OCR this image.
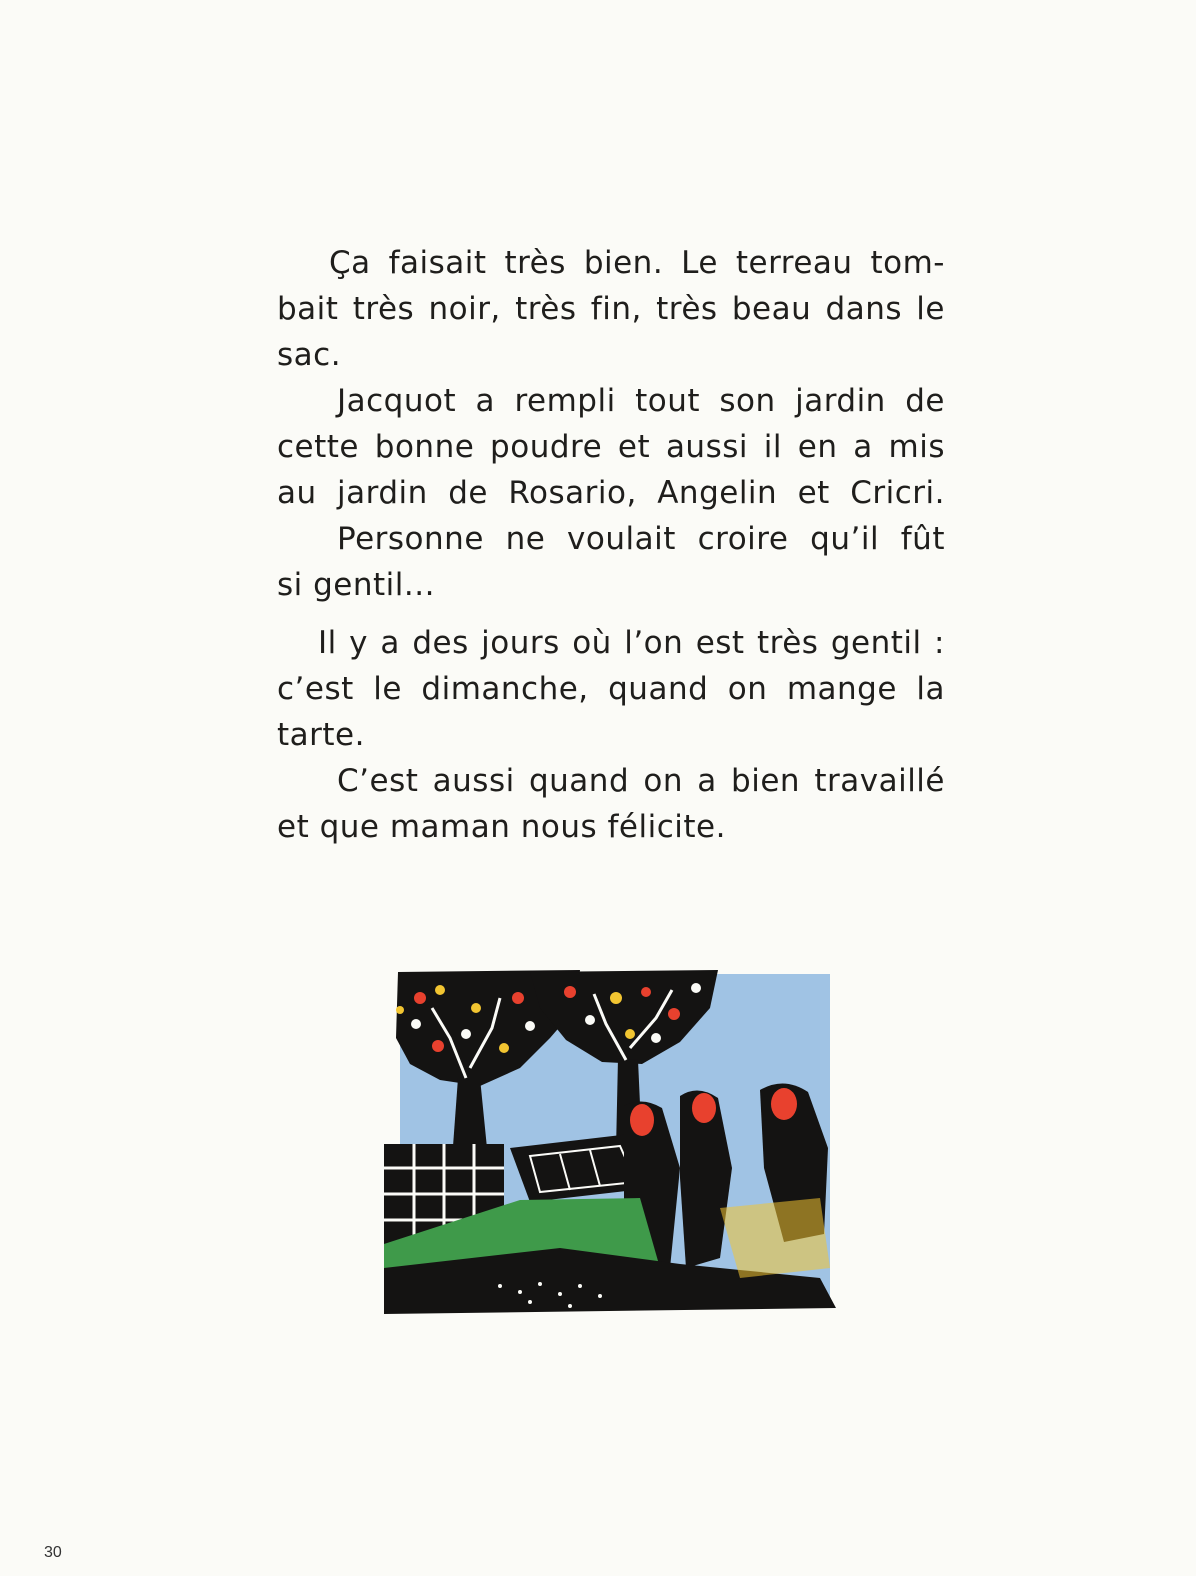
Ça faisait très bien. Le terreau tom-
bait très noir, très fin, très beau dans le
sac.
Jacquot a rempli tout son jardin de
cette bonne poudre et aussi il en a mis
au jardin de Rosario, Angelin et Cricri.
Personne ne voulait croire qu’il fût
si gentil...
Il y a des jours où l’on est très gentil :
c’est le dimanche, quand on mange la
tarte.
C’est aussi quand on a bien travaillé
et que maman nous félicite.
30
